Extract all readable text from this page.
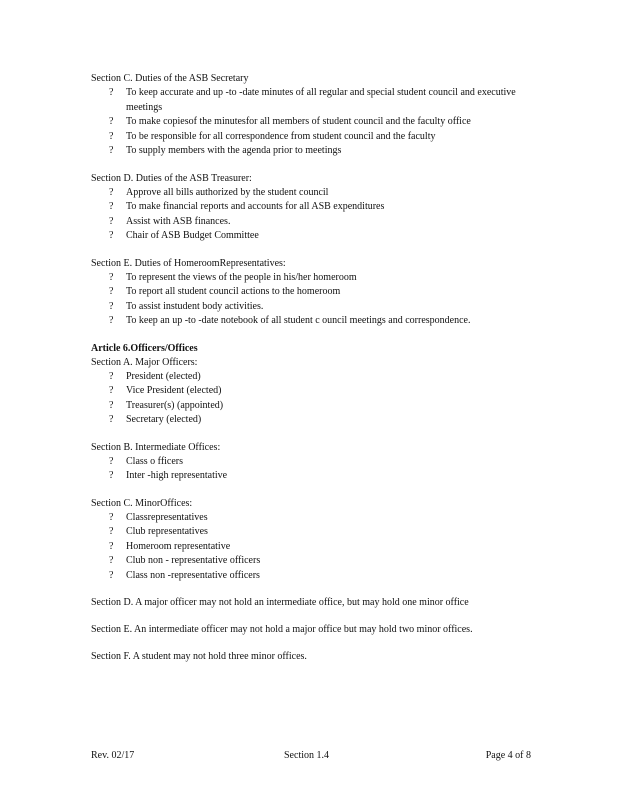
Section C. Duties of the ASB Secretary
? To keep accurate and up -to -date minutes of all regular and special student council and executive meetings
? To make copiesof the minutesfor all members of student council and the faculty office
? To be responsible for all correspondence from student council and the faculty
? To supply members with the agenda prior to meetings
Section D. Duties of the ASB Treasurer:
? Approve all bills authorized by the student council
? To make financial reports and accounts for all ASB expenditures
? Assist with ASB finances.
? Chair of ASB Budget Committee
Section E. Duties of HomeroomRepresentatives:
? To represent the views of the people in his/her homeroom
? To report all student council actions to the homeroom
? To assist instudent body activities.
? To keep an up -to -date notebook of all student c ouncil meetings and correspondence.
Article 6.Officers/Offices
Section A. Major Officers:
? President (elected)
? Vice President (elected)
? Treasurer(s) (appointed)
? Secretary (elected)
Section B. Intermediate Offices:
? Class o fficers
? Inter -high representative
Section C. MinorOffices:
? Classrepresentatives
? Club representatives
? Homeroom representative
? Club non - representative officers
? Class non -representative officers
Section D. A major officer may not hold an intermediate office, but may hold one minor office
Section E. An intermediate officer may not hold a major office but may hold two minor offices.
Section F. A student may not hold three minor offices.
Rev. 02/17	Section 1.4	Page 4 of 8
